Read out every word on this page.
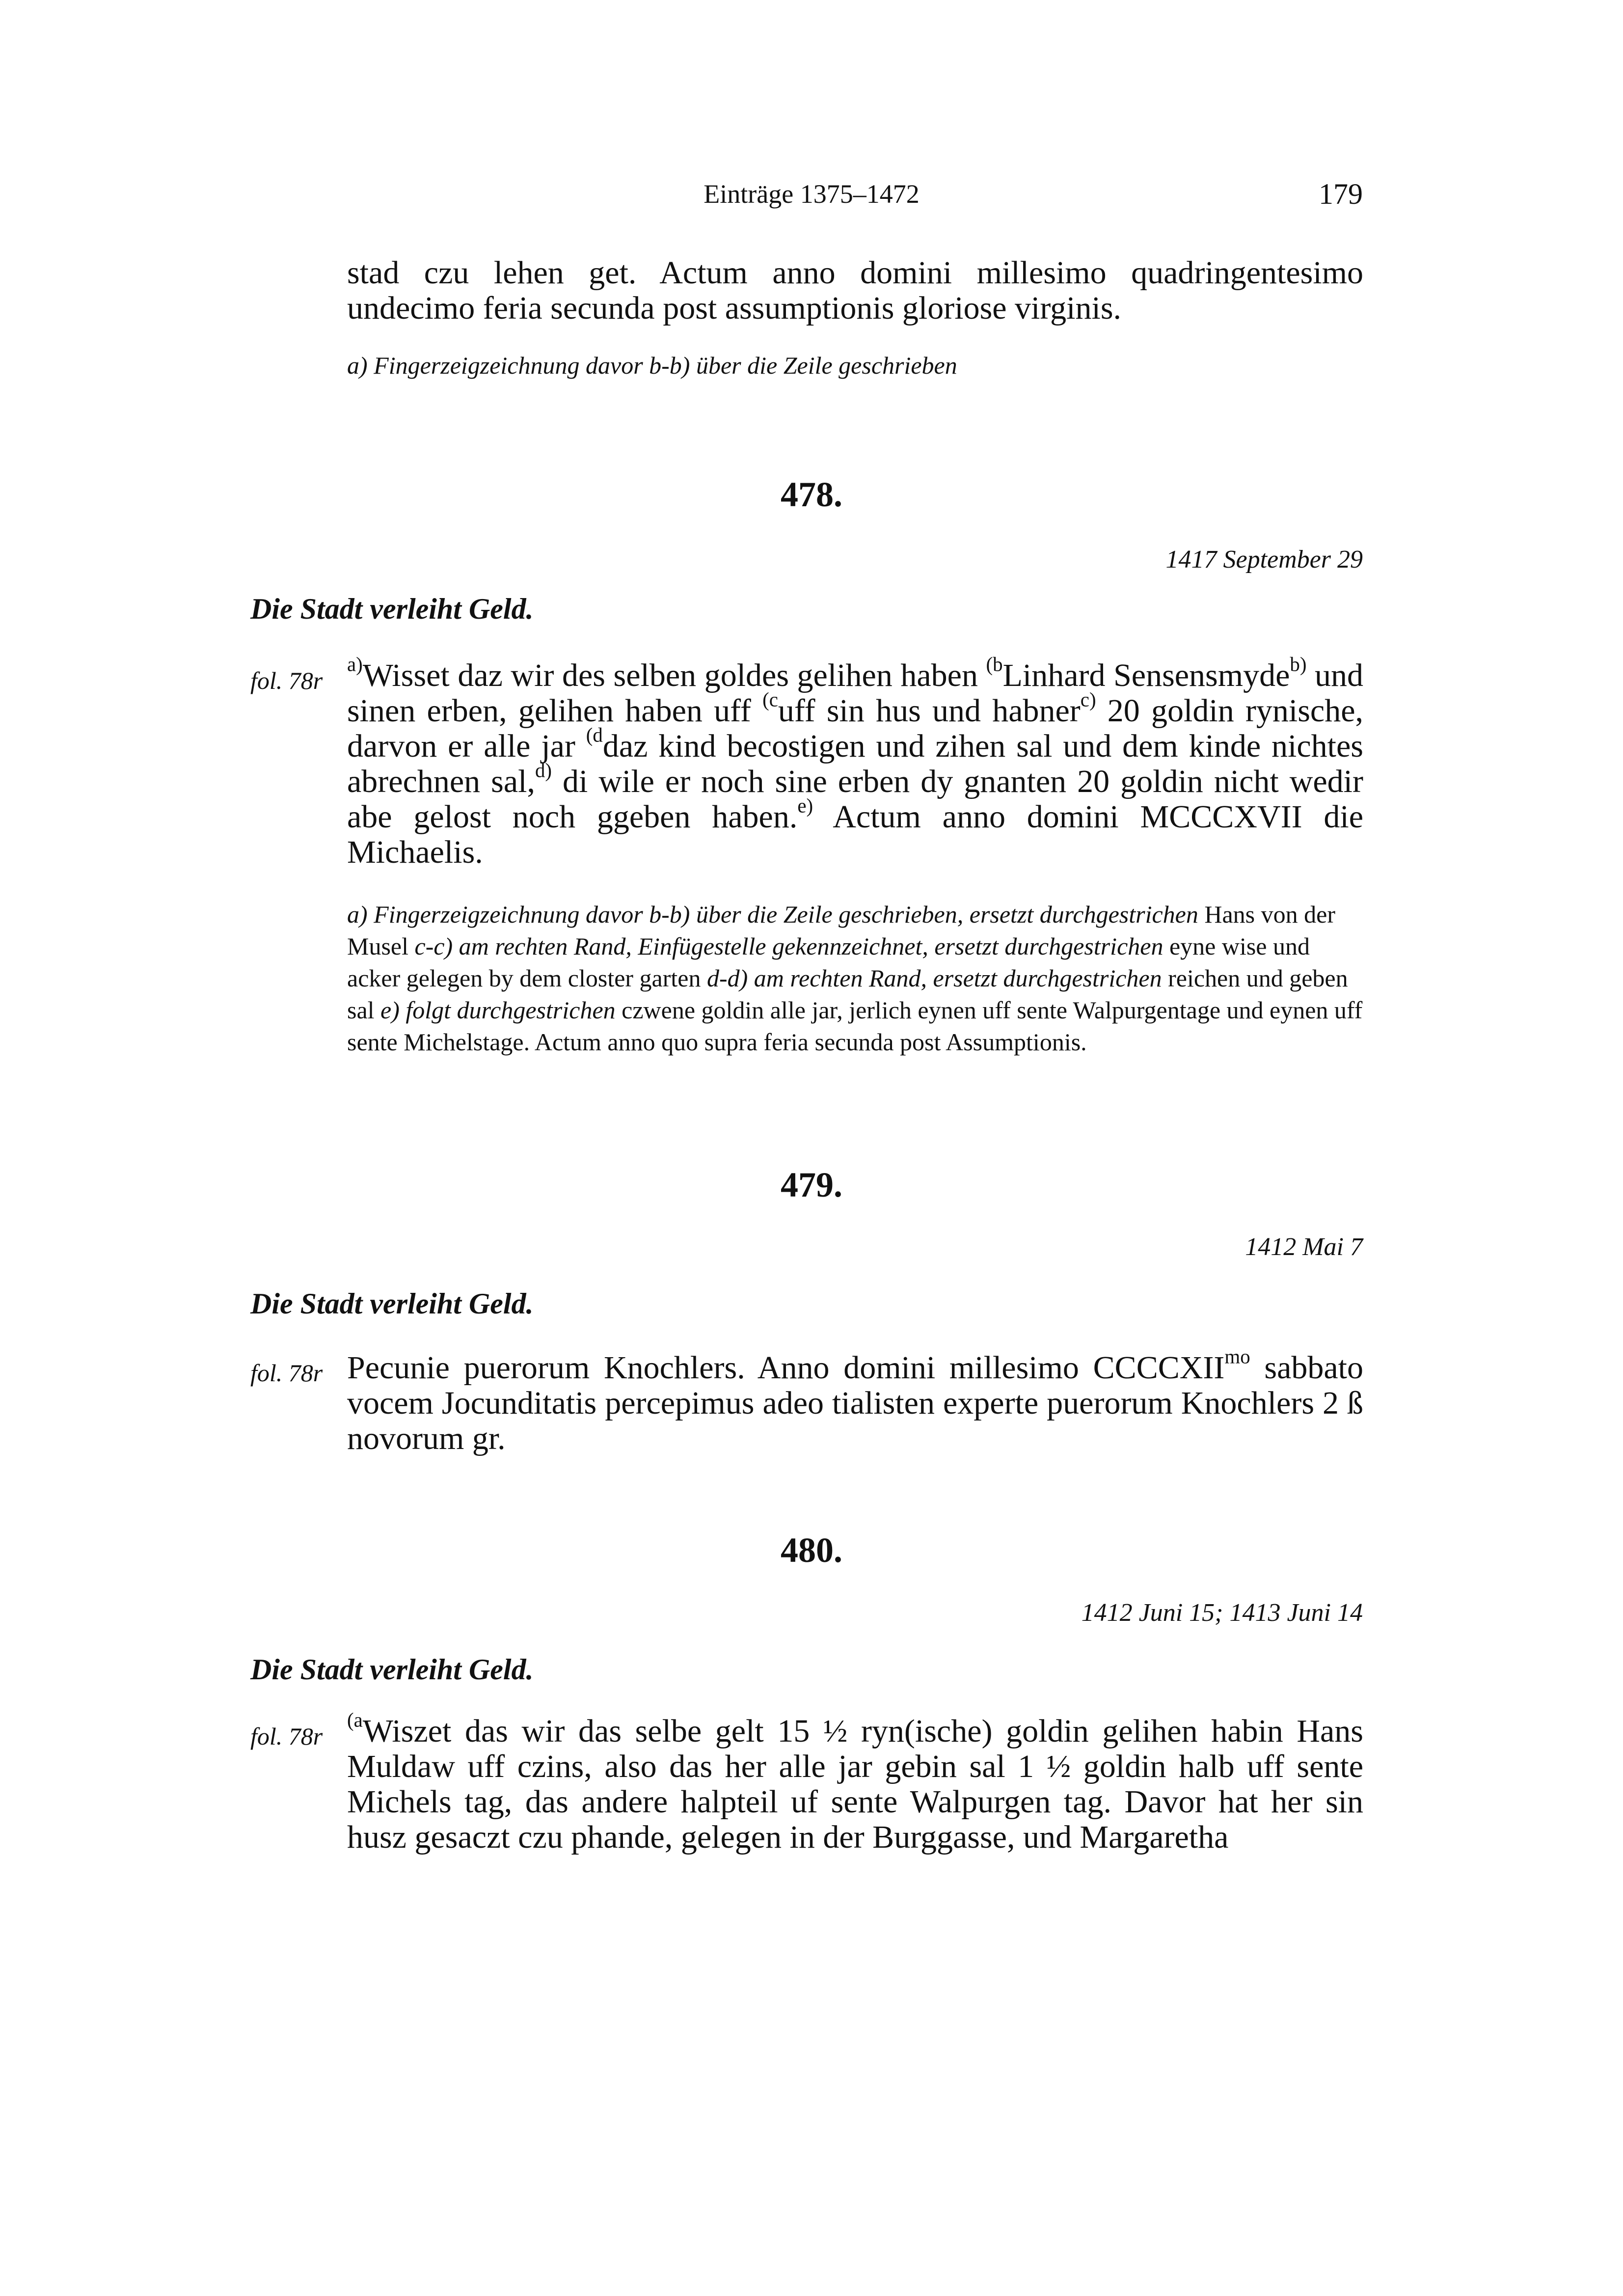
Einträge 1375–1472	179

stad czu lehen get. Actum anno domini millesimo quadringentesimo undecimo feria secunda post assumptionis gloriose virginis.

a) Fingerzeigzeichnung davor b-b) über die Zeile geschrieben

478.
1417 September 29
Die Stadt verleiht Geld.
fol. 78r

$^{a)}$Wisset daz wir des selben goldes gelihen haben $^{(b}$Linhard Sensensmyde$^{b)}$ und sinen erben, gelihen haben uff $^{(c}$uff sin hus und habner$^{c)}$ 20 goldin rynische, darvon er alle jar $^{(d}$daz kind becostigen und zihen sal und dem kinde nichtes abrechnen sal,$^{d)}$ di wile er noch sine erben dy gnanten 20 goldin nicht wedir abe gelost noch ggeben haben.$^{e)}$ Actum anno domini MCCCXVII die Michaelis.

a) Fingerzeigzeichnung davor b-b) über die Zeile geschrieben, ersetzt durchgestrichen Hans von der Musel c-c) am rechten Rand, Einfügestelle gekennzeichnet, ersetzt durchgestrichen eyne wise und acker gelegen by dem closter garten d-d) am rechten Rand, ersetzt durchgestrichen reichen und geben sal e) folgt durchgestrichen czwene goldin alle jar, jerlich eynen uff sente Walpurgentage und eynen uff sente Michelstage. Actum anno quo supra feria secunda post Assumptionis.

479.
1412 Mai 7
Die Stadt verleiht Geld.
fol. 78r Pecunie puerorum Knochlers. Anno domini millesimo $CCCCXII^{mo}$ sabbato vocem Jocunditatis percepimus adeo tialisten experte puerorum Knochlers 2 ß novorum gr.

480.
1412 Juni 15; 1413 Juni 14
Die Stadt verleiht Geld.
fol. 78r

$^{(a}$Wiszet das wir das selbe gelt 15 ½ ryn(ische) goldin gelihen habin Hans Muldaw uff czins, also das her alle jar gebin sal 1 ½ goldin halb uff sente Michels tag, das andere halpteil uf sente Walpurgen tag. Davor hat her sin husz gesaczt czu phande, gelegen in der Burggasse, und Margaretha
